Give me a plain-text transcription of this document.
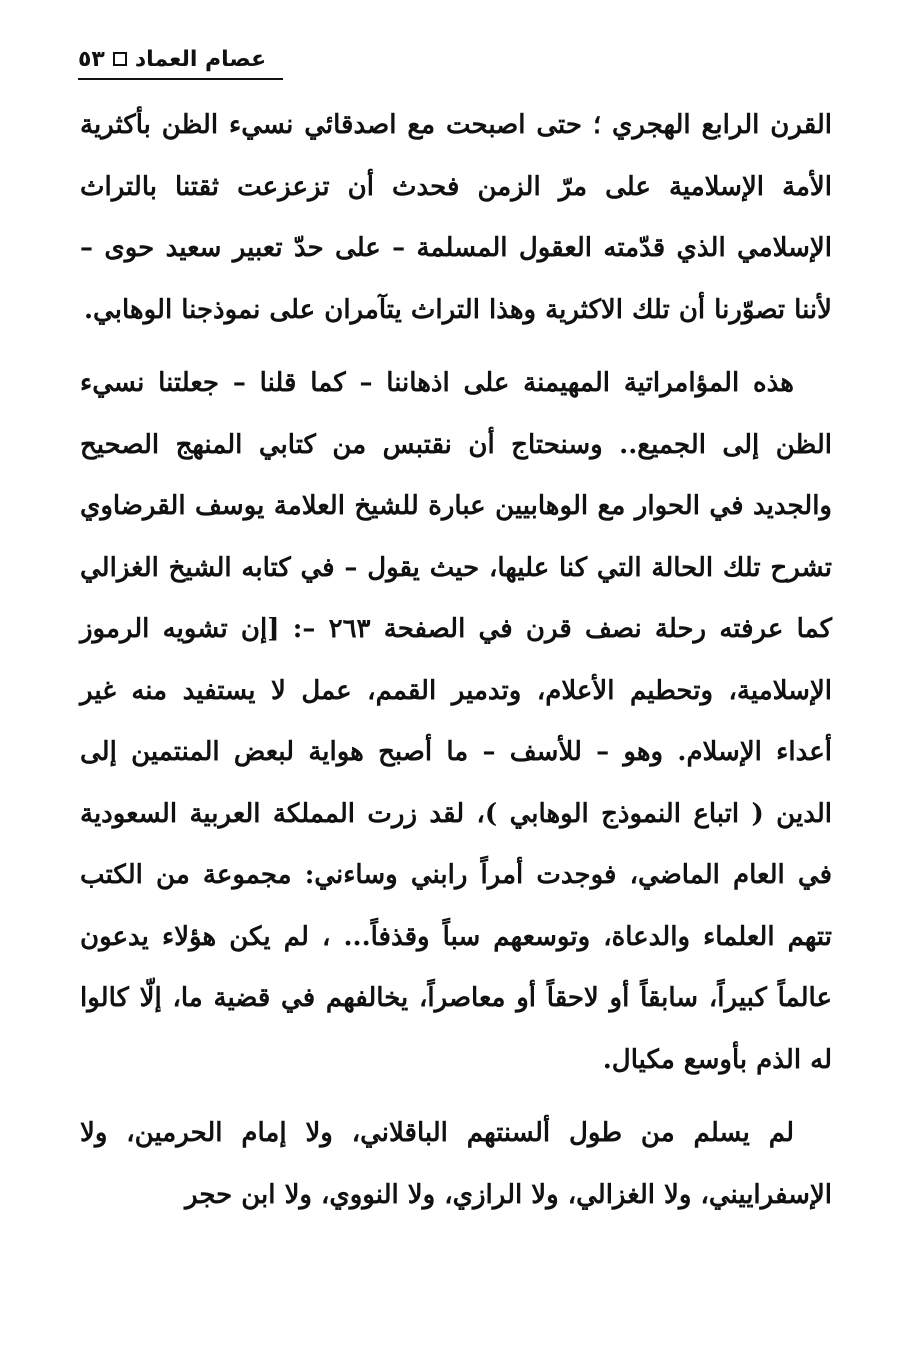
٥٣ عصام العماد

القرن الرابع الهجري ؛ حتى اصبحت مع اصدقائي نسيء الظن بأكثرية الأمة الإسلامية على مرّ الزمن فحدث أن تزعزعت ثقتنا بالتراث الإسلامي الذي قدّمته العقول المسلمة – على حدّ تعبير سعيد حوى – لأننا تصوّرنا أن تلك الاكثرية وهذا التراث يتآمران على نموذجنا الوهابي.

هذه المؤامراتية المهيمنة على اذهاننا – كما قلنا – جعلتنا نسيء الظن إلى الجميع.. وسنحتاج أن نقتبس من كتابي المنهج الصحيح والجديد في الحوار مع الوهابيين عبارة للشيخ العلامة يوسف القرضاوي تشرح تلك الحالة التي كنا عليها، حيث يقول – في كتابه الشيخ الغزالي كما عرفته رحلة نصف قرن في الصفحة ٢٦٣ –: [إن تشويه الرموز الإسلامية، وتحطيم الأعلام، وتدمير القمم، عمل لا يستفيد منه غير أعداء الإسلام. وهو – للأسف – ما أصبح هواية لبعض المنتمين إلى الدين ( اتباع النموذج الوهابي )، لقد زرت المملكة العربية السعودية في العام الماضي، فوجدت أمراً رابني وساءني: مجموعة من الكتب تتهم العلماء والدعاة، وتوسعهم سباً وقذفاً... ، لم يكن هؤلاء يدعون عالماً كبيراً، سابقاً أو لاحقاً أو معاصراً، يخالفهم في قضية ما، إلّا كالوا له الذم بأوسع مكيال.

لم يسلم من طول ألسنتهم الباقلاني، ولا إمام الحرمين، ولا الإسفراييني، ولا الغزالي، ولا الرازي، ولا النووي، ولا ابن حجر
